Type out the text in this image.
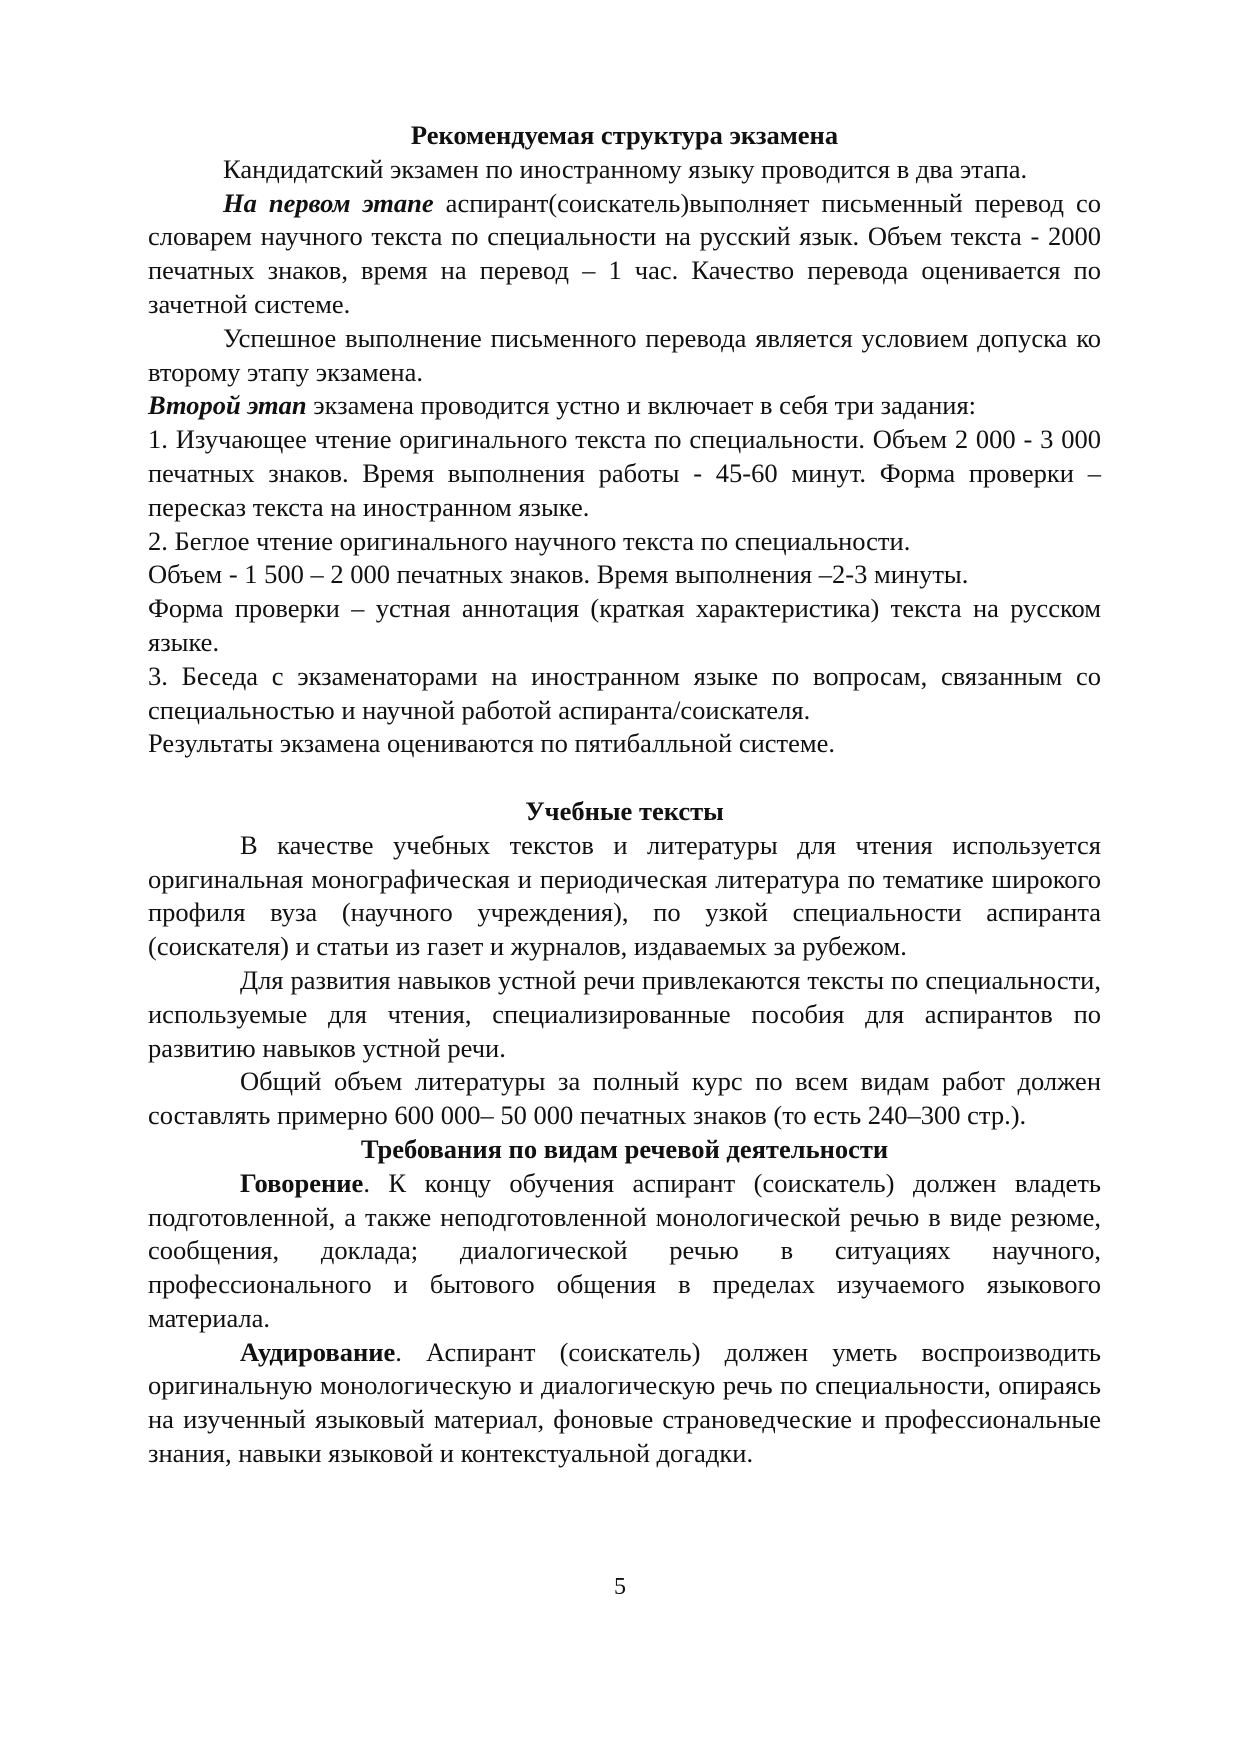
Рекомендуемая структура экзамена

Кандидатский экзамен по иностранному языку проводится в два этапа.

На первом этапе аспирант(соискатель)выполняет письменный перевод со словарем научного текста по специальности на русский язык. Объем текста - 2000 печатных знаков, время на перевод – 1 час. Качество перевода оценивается по зачетной системе.

Успешное выполнение письменного перевода является условием допуска ко второму этапу экзамена.

Второй этап экзамена проводится устно и включает в себя три задания:

1. Изучающее чтение оригинального текста по специальности. Объем 2 000 - 3 000 печатных знаков. Время выполнения работы - 45-60 минут. Форма проверки – пересказ текста на иностранном языке.

2. Беглое чтение оригинального научного текста по специальности.

Объем - 1 500 – 2 000 печатных знаков. Время выполнения –2-3 минуты.

Форма проверки – устная аннотация (краткая характеристика) текста на русском языке.

3. Беседа с экзаменаторами на иностранном языке по вопросам, связанным со специальностью и научной работой аспиранта/соискателя.

Результаты экзамена оцениваются по пятибалльной системе.

Учебные тексты

В качестве учебных текстов и литературы для чтения используется оригинальная монографическая и периодическая литература по тематике широкого профиля вуза (научного учреждения), по узкой специальности аспиранта (соискателя) и статьи из газет и журналов, издаваемых за рубежом.

Для развития навыков устной речи привлекаются тексты по специальности, используемые для чтения, специализированные пособия для аспирантов по развитию навыков устной речи.

Общий объем литературы за полный курс по всем видам работ должен составлять примерно 600 000– 50 000 печатных знаков (то есть 240–300 стр.).

Требования по видам речевой деятельности

Говорение. К концу обучения аспирант (соискатель) должен владеть подготовленной, а также неподготовленной монологической речью в виде резюме, сообщения, доклада; диалогической речью в ситуациях научного, профессионального и бытового общения в пределах изучаемого языкового материала.

Аудирование. Аспирант (соискатель) должен уметь воспроизводить оригинальную монологическую и диалогическую речь по специальности, опираясь на изученный языковый материал, фоновые страноведческие и профессиональные знания, навыки языковой и контекстуальной догадки.

5
